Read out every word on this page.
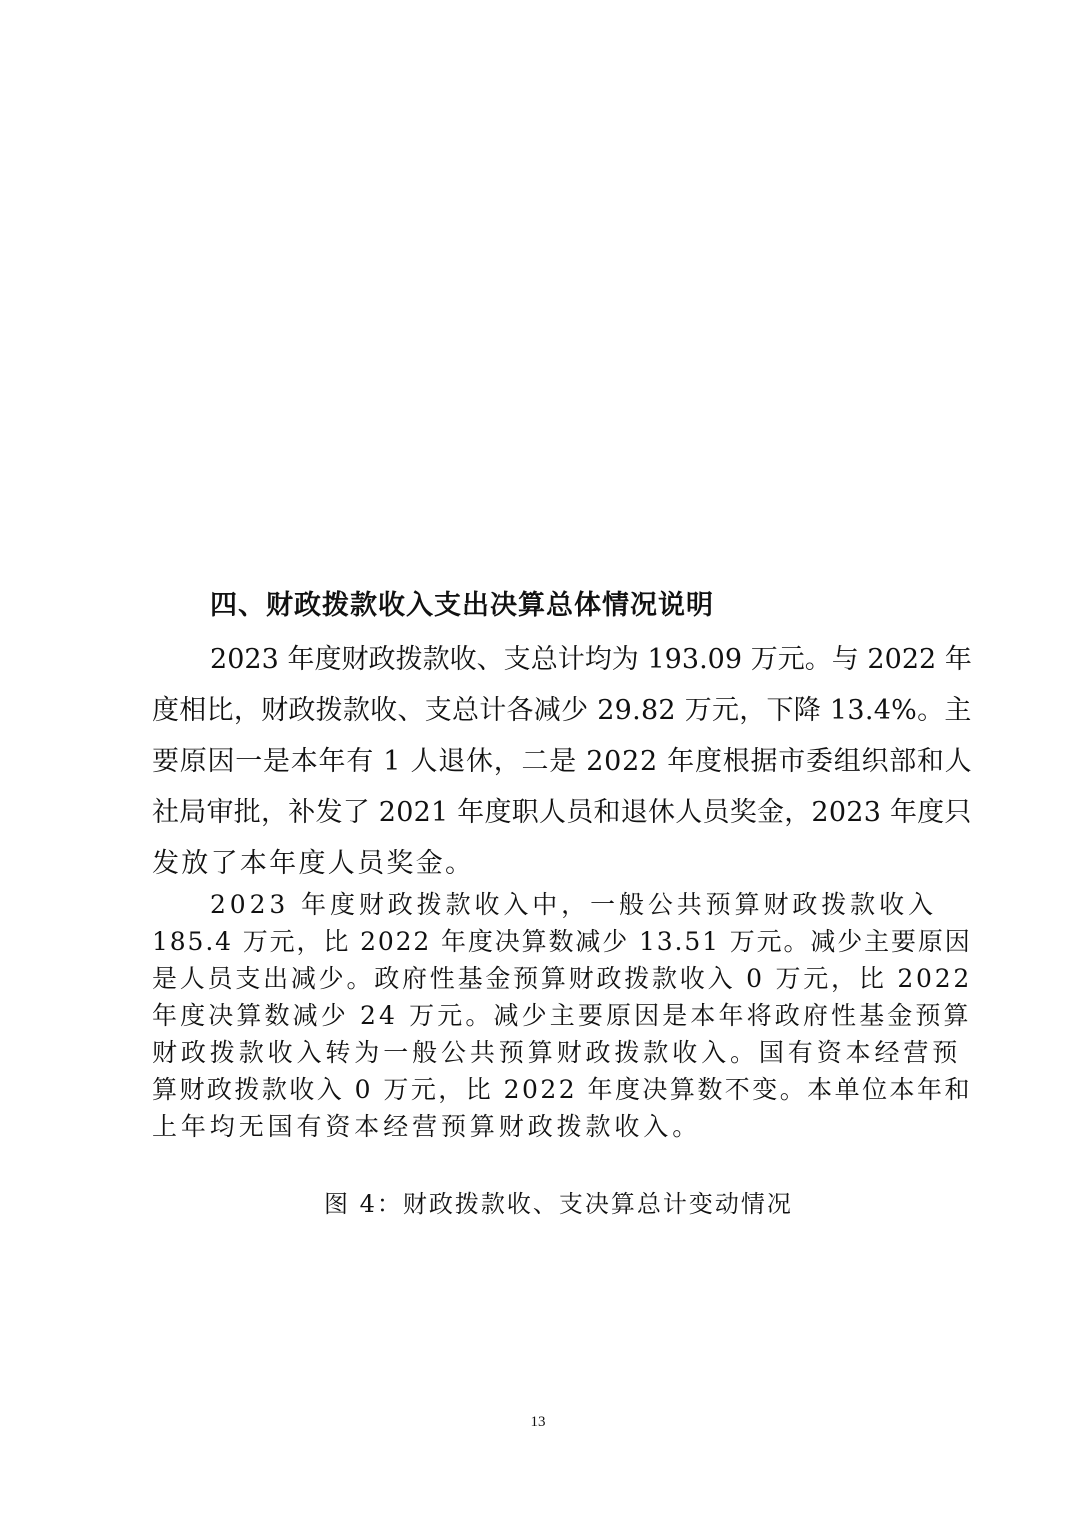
四、财政拨款收入支出决算总体情况说明

2023 年度财政拨款收、支总计均为 193.09 万元。与 2022 年

度相比，财政拨款收、支总计各减少 29.82 万元，下降 13.4%。主

要原因一是本年有 1 人退休，二是 2022 年度根据市委组织部和人

社局审批，补发了 2021 年度职人员和退休人员奖金，2023 年度只

发放了本年度人员奖金。

2023 年度财政拨款收入中，一般公共预算财政拨款收入

185.4 万元，比 2022 年度决算数减少 13.51 万元。减少主要原因

是人员支出减少。政府性基金预算财政拨款收入 0 万元，比 2022

年度决算数减少 24 万元。减少主要原因是本年将政府性基金预算

财政拨款收入转为一般公共预算财政拨款收入。国有资本经营预

算财政拨款收入 0 万元，比 2022 年度决算数不变。本单位本年和

上年均无国有资本经营预算财政拨款收入。

图 4：财政拨款收、支决算总计变动情况

13
